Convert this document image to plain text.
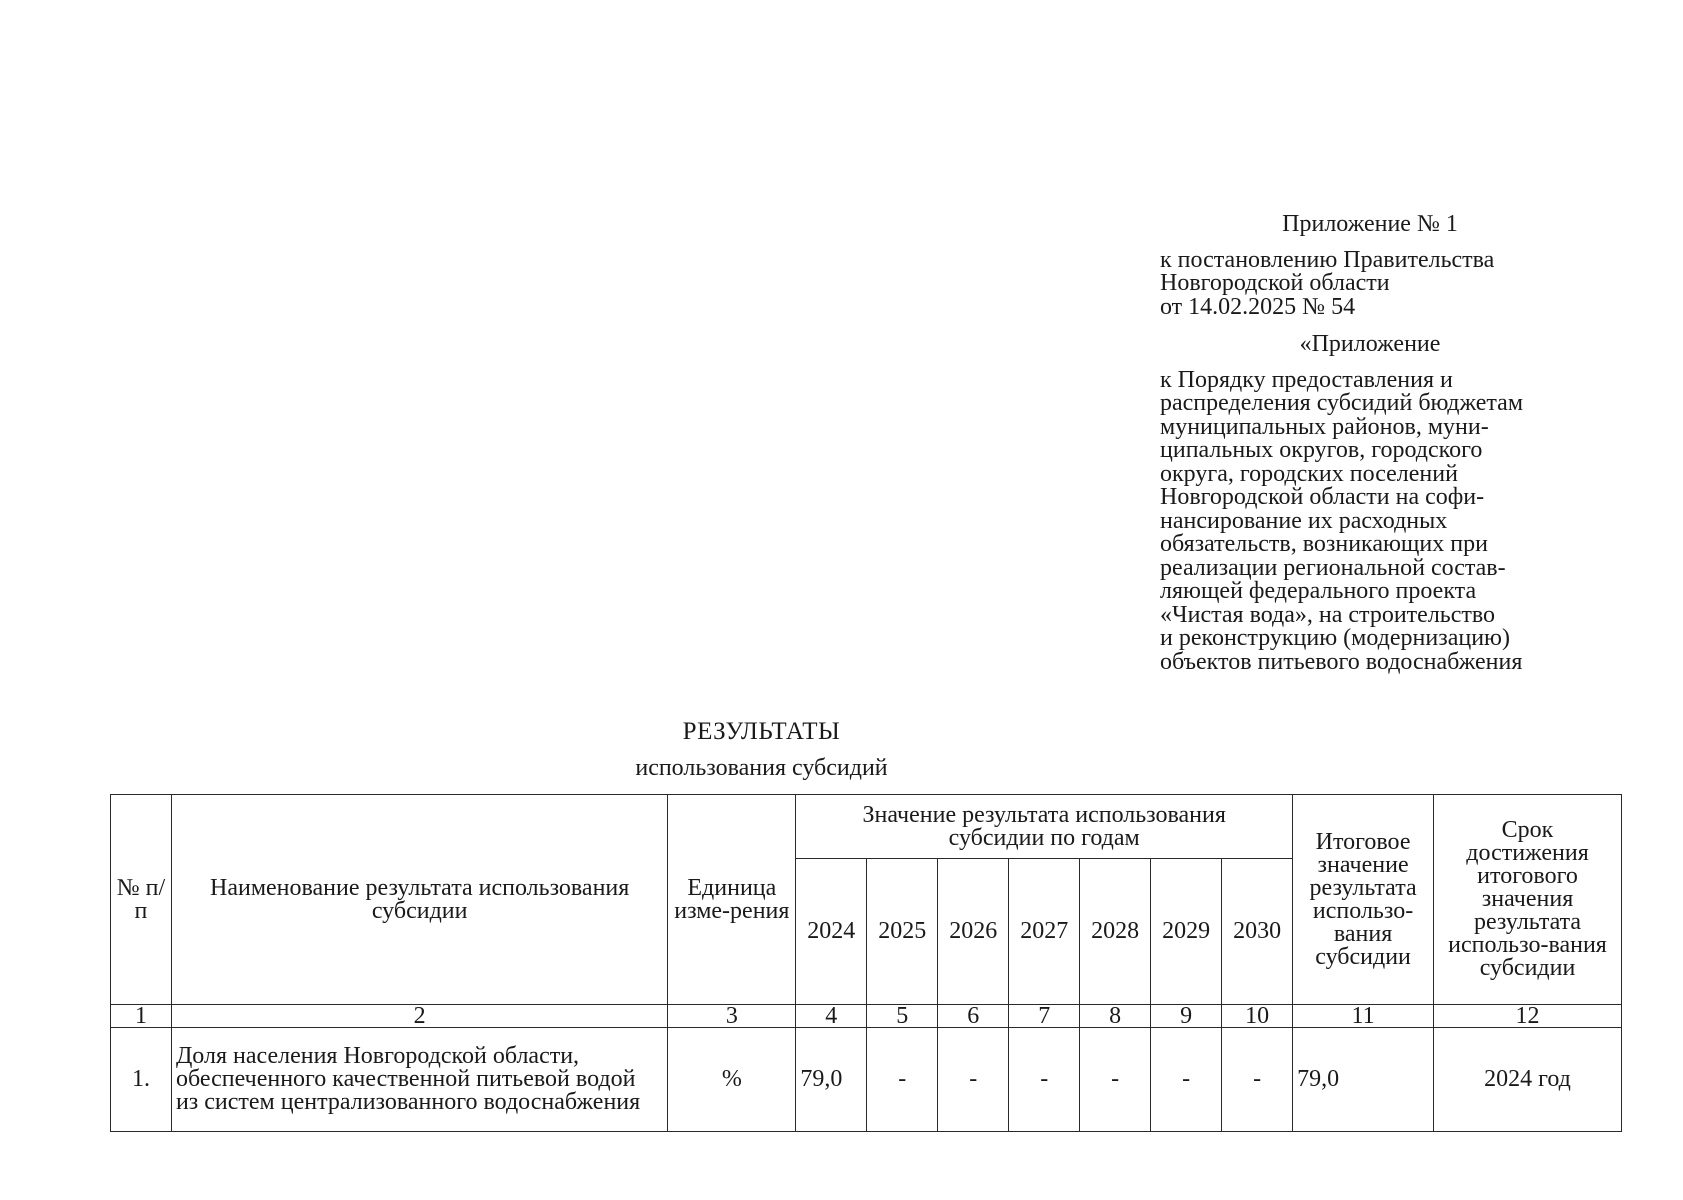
Приложение № 1

к постановлению Правительства

Новгородской области

от 14.02.2025 № 54

«Приложение

к Порядку предоставления и

распределения субсидий бюджетам

муниципальных районов, муни-

ципальных округов, городского

округа, городских поселений

Новгородской области на софи-

нансирование их расходных

обязательств, возникающих при

реализации региональной состав-

ляющей федерального проекта

«Чистая вода», на строительство

и реконструкцию (модернизацию)

объектов питьевого водоснабжения

РЕЗУЛЬТАТЫ
использования субсидий
№ п/п	Наименование результата использования субсидии	Единица изме-рения	Значение результата использования субсидии по годам							Итоговое значение результата использо-вания субсидии	Срок достижения итогового значения результата использо-вания субсидии
			2024	2025	2026	2027	2028	2029	2030		
1	2	3	4	5	6	7	8	9	10	11	12
1.	Доля населения Новгородской области, обеспеченного качественной питьевой водой из систем централизованного водоснабжения	%	79,0	-	-	-	-	-	-	79,0	2024 год
